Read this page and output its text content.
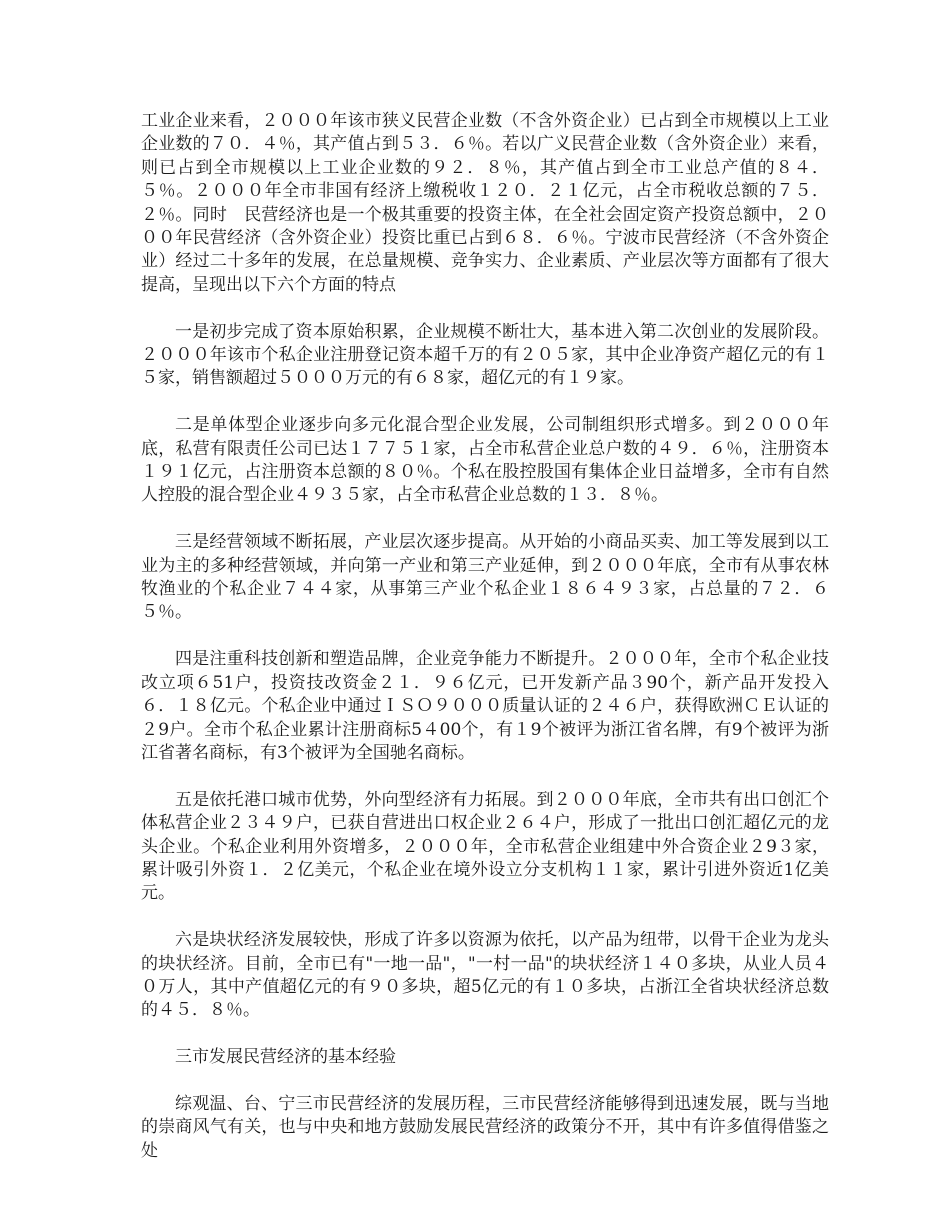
工业企业来看，２０００年该市狭义民营企业数（不含外资企业）已占到全市规模以上工业企业数的７０．４％，其产值占到５３．６％。若以广义民营企业数（含外资企业）来看，则已占到全市规模以上工业企业数的９２．８％，其产值占到全市工业总产值的８４．５％。２０００年全市非国有经济上缴税收１２０．２１亿元，占全市税收总额的７５．２％。同时　民营经济也是一个极其重要的投资主体，在全社会固定资产投资总额中，２０００年民营经济（含外资企业）投资比重已占到６８．６％。宁波市民营经济（不含外资企业）经过二十多年的发展，在总量规模、竞争实力、企业素质、产业层次等方面都有了很大提高，呈现出以下六个方面的特点

一是初步完成了资本原始积累，企业规模不断壮大，基本进入第二次创业的发展阶段。２０００年该市个私企业注册登记资本超千万的有２０５家，其中企业净资产超亿元的有１５家，销售额超过５０００万元的有６８家，超亿元的有１９家。

二是单体型企业逐步向多元化混合型企业发展，公司制组织形式增多。到２０００年底，私营有限责任公司已达１７７５１家，占全市私营企业总户数的４９．６％，注册资本１９１亿元，占注册资本总额的８０％。个私在股控股国有集体企业日益增多，全市有自然人控股的混合型企业４９３５家，占全市私营企业总数的１３．８％。

三是经营领域不断拓展，产业层次逐步提高。从开始的小商品买卖、加工等发展到以工业为主的多种经营领域，并向第一产业和第三产业延伸，到２０００年底，全市有从事农林牧渔业的个私企业７４４家，从事第三产业个私企业１８６４９３家，占总量的７２．６５％。

四是注重科技创新和塑造品牌，企业竞争能力不断提升。２０００年，全市个私企业技改立项６51户，投资技改资金２１．９６亿元，已开发新产品３90个，新产品开发投入６．１８亿元。个私企业中通过ＩＳＯ９０００质量认证的２４６户，获得欧洲ＣＥ认证的２9户。全市个私企业累计注册商标5４00个，有１9个被评为浙江省名牌，有9个被评为浙江省著名商标，有3个被评为全国驰名商标。

五是依托港口城市优势，外向型经济有力拓展。到２０００年底，全市共有出口创汇个体私营企业２３４９户，已获自营进出口权企业２６４户，形成了一批出口创汇超亿元的龙头企业。个私企业利用外资增多，２０００年，全市私营企业组建中外合资企业２9３家，累计吸引外资１．２亿美元，个私企业在境外设立分支机构１１家，累计引进外资近1亿美元。

六是块状经济发展较快，形成了许多以资源为依托，以产品为纽带，以骨干企业为龙头的块状经济。目前，全市已有"一地一品"，"一村一品"的块状经济１４０多块，从业人员４０万人，其中产值超亿元的有９０多块，超5亿元的有１０多块，占浙江全省块状经济总数的４５．８％。

三市发展民营经济的基本经验

综观温、台、宁三市民营经济的发展历程，三市民营经济能够得到迅速发展，既与当地的崇商风气有关，也与中央和地方鼓励发展民营经济的政策分不开，其中有许多值得借鉴之处
